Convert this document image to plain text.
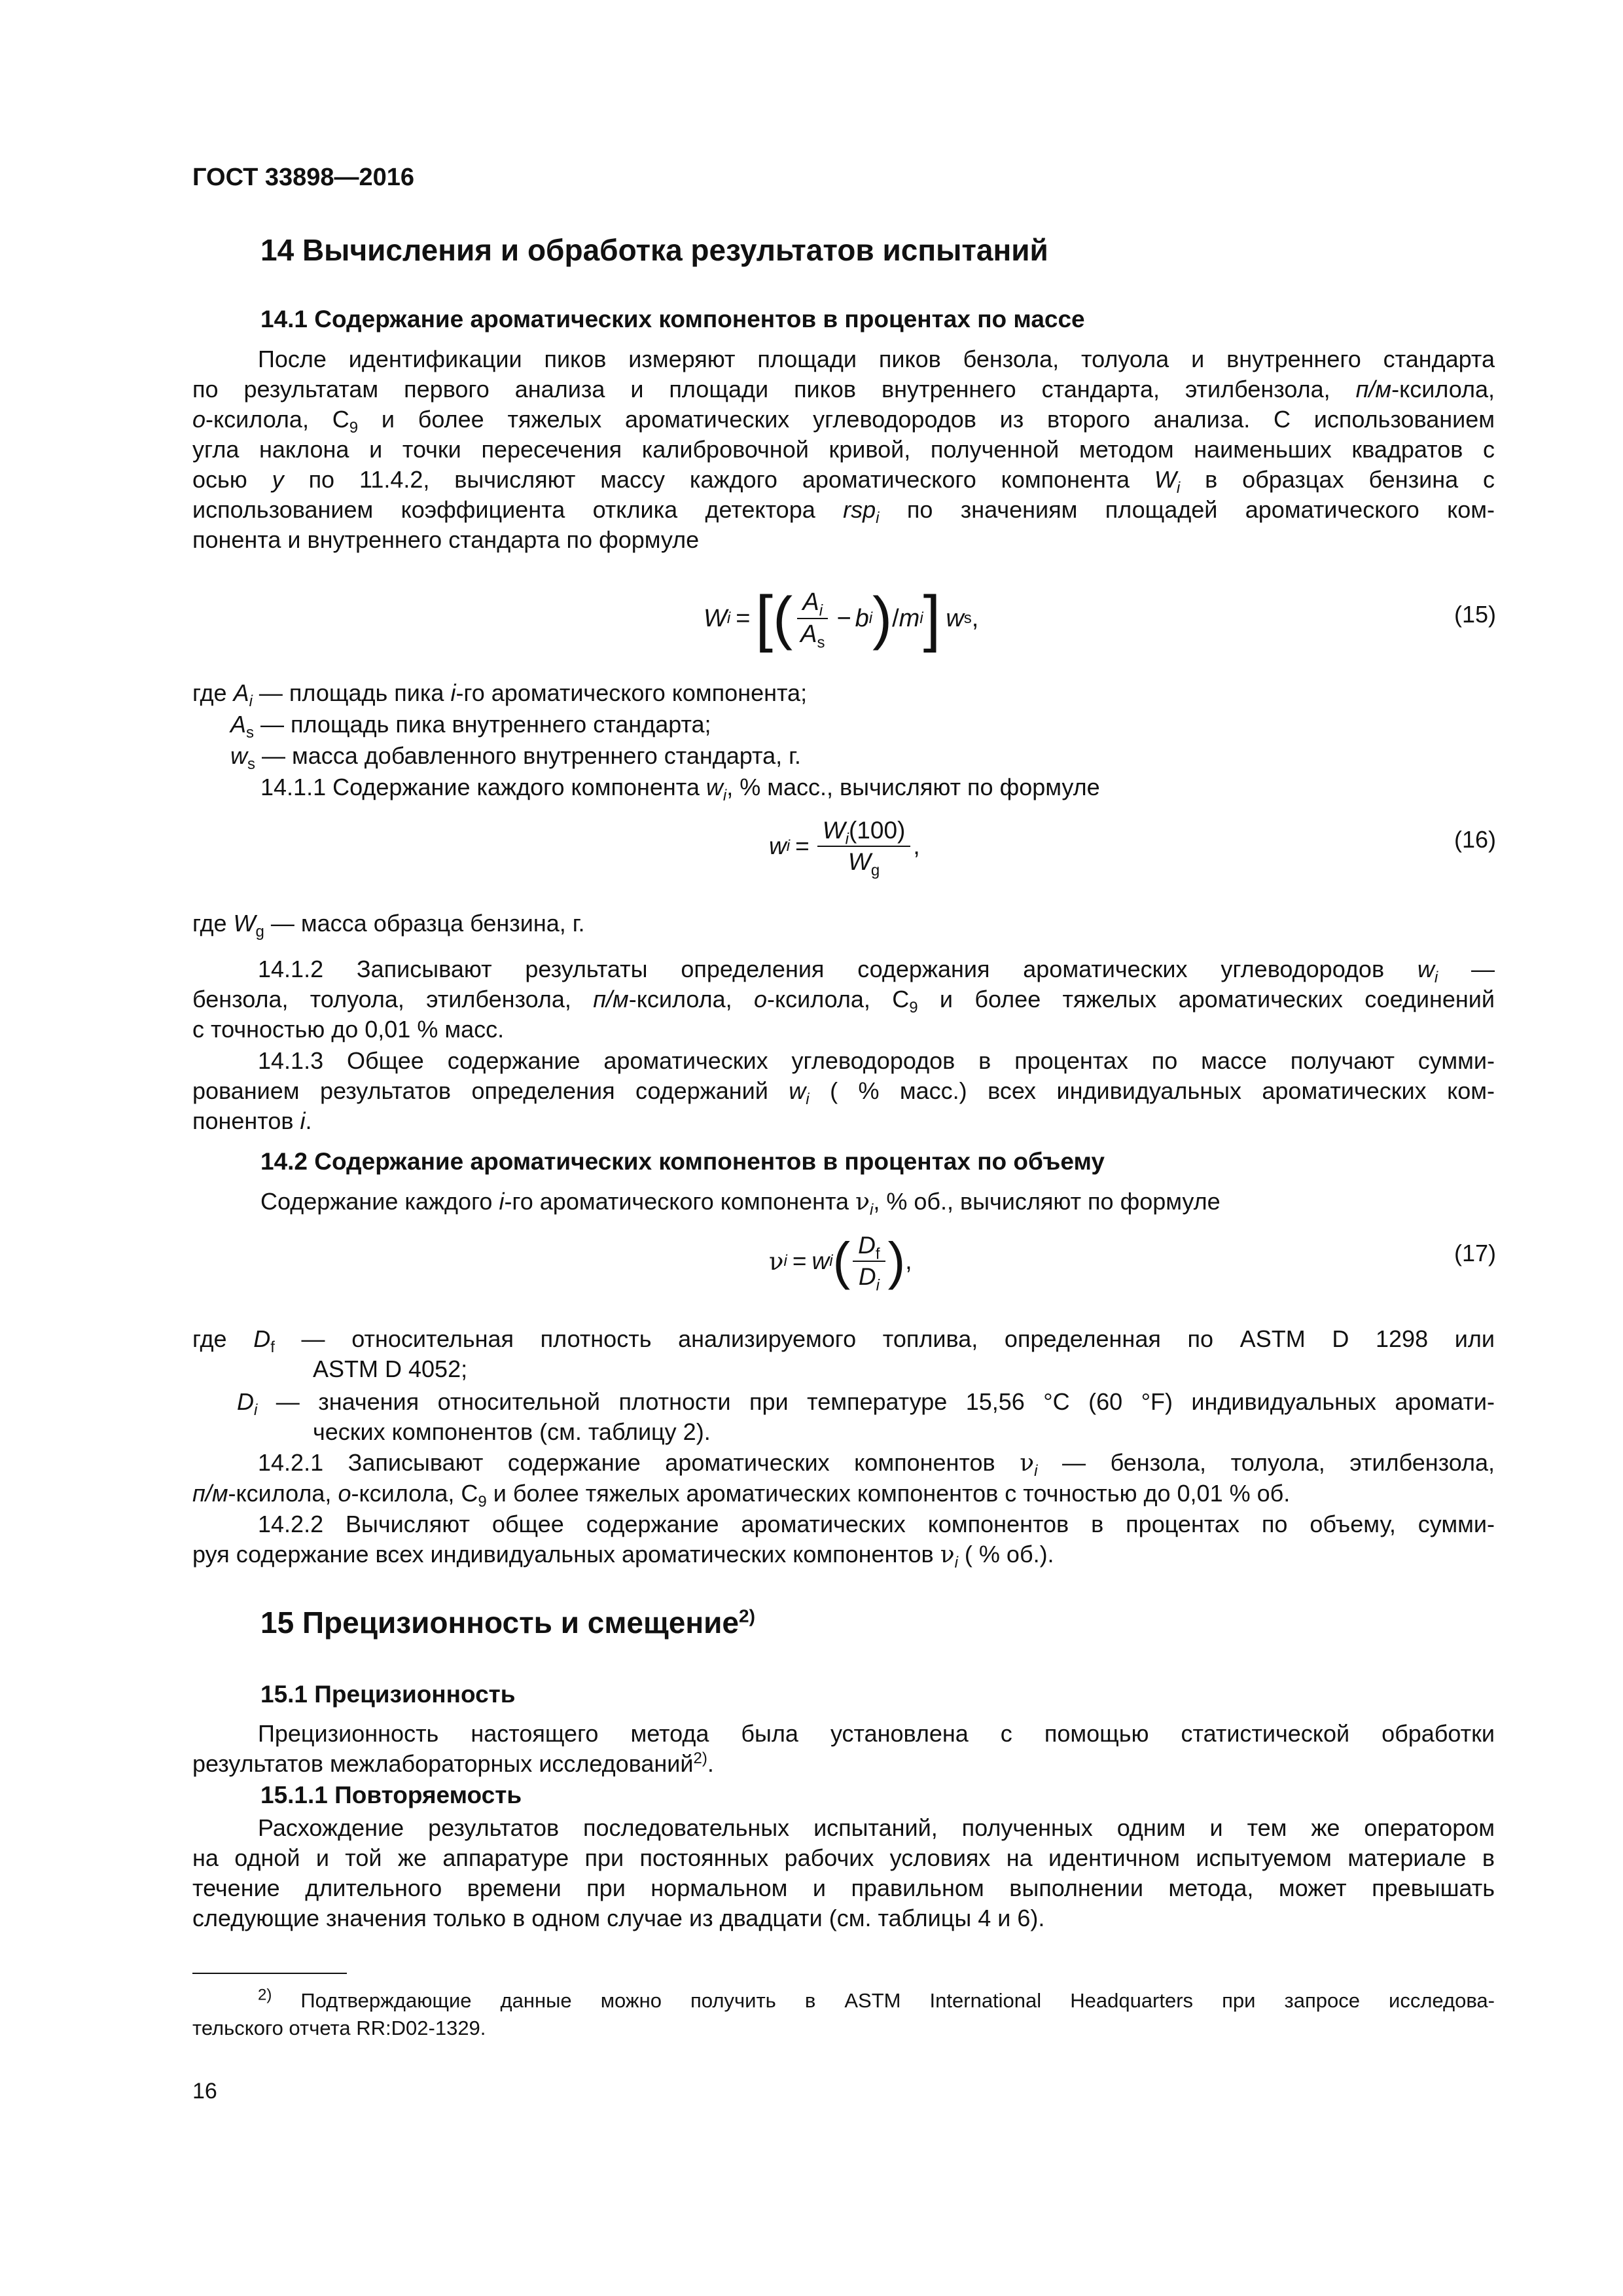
ГОСТ 33898—2016
14 Вычисления и обработка результатов испытаний
14.1 Содержание ароматических компонентов в процентах по массе
После идентификации пиков измеряют площади пиков бензола, толуола и внутреннего стандарта
по результатам первого анализа и площади пиков внутреннего стандарта, этилбензола, п/м-ксилола,
о-ксилола, $С_9$ и более тяжелых ароматических углеводородов из второго анализа. С использованием
угла наклона и точки пересечения калибровочной кривой, полученной методом наименьших квадратов с
осью у по 11.4.2, вычисляют массу каждого ароматического компонента $W_i$ в образцах бензина с
использованием коэффициента отклика детектора rsp$_i$ по значениям площадей ароматического ком-
понента и внутреннего стандарта по формуле
W i = [ ( $\frac{A_i}{A_s} - b$ i ) / m i ] w s ,	(15)
где $A_i$ — площадь пика i-го ароматического компонента;
$A_s$ — площадь пика внутреннего стандарта;
$w_s$ — масса добавленного внутреннего стандарта, г.
14.1.1 Содержание каждого компонента $w_i$, % масс., вычисляют по формуле
w $i = \frac{W_i(100)}{W_g}$ ,	(16)
где $W_g$ — масса образца бензина, г.
14.1.2 Записывают результаты определения содержания ароматических углеводородов $w_i$ —
бензола, толуола, этилбензола, п/м-ксилола, о-ксилола, $С_9$ и более тяжелых ароматических соединений
с точностью до 0,01 % масс.
14.1.3 Общее содержание ароматических углеводородов в процентах по массе получают сумми-
рованием результатов определения содержаний $w_i$ ( % масс.) всех индивидуальных ароматических ком-
понентов i.
14.2 Содержание ароматических компонентов в процентах по объему
Содержание каждого i-го ароматического компонента $\nu_i$, % об., вычисляют по формуле
ν i = w i ( $\frac{D_f}{D_i}$ ) ,	(17)
где $D_f$ — относительная плотность анализируемого топлива, определенная по ASTM D 1298 или
ASTM D 4052;
$D_i$ — значения относительной плотности при температуре 15,56 °С (60 °F) индивидуальных аромати-
ческих компонентов (см. таблицу 2).
14.2.1 Записывают содержание ароматических компонентов $\nu_i$ — бензола, толуола, этилбензола,
п/м-ксилола, о-ксилола, $С_9$ и более тяжелых ароматических компонентов с точностью до 0,01 % об.
14.2.2 Вычисляют общее содержание ароматических компонентов в процентах по объему, сумми-
руя содержание всех индивидуальных ароматических компонентов $\nu_i$ ( % об.).
15 Прецизионность и смещение$^{2)}$
15.1 Прецизионность
Прецизионность настоящего метода была установлена с помощью статистической обработки
результатов межлабораторных исследований$^{2)}$.
15.1.1 Повторяемость
Расхождение результатов последовательных испытаний, полученных одним и тем же оператором
на одной и той же аппаратуре при постоянных рабочих условиях на идентичном испытуемом материале в
течение длительного времени при нормальном и правильном выполнении метода, может превышать
следующие значения только в одном случае из двадцати (см. таблицы 4 и 6).
$^{2)}$ Подтверждающие данные можно получить в ASTM International Headquarters при запросе исследова-
тельского отчета RR:D02-1329.
16
